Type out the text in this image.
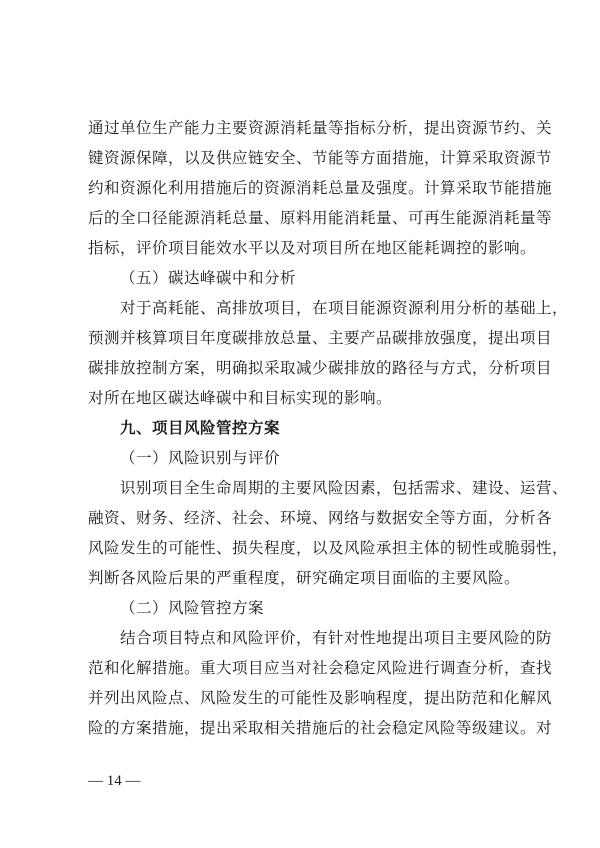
通过单位生产能力主要资源消耗量等指标分析，提出资源节约、关
键资源保障，以及供应链安全、节能等方面措施，计算采取资源节
约和资源化利用措施后的资源消耗总量及强度。计算采取节能措施
后的全口径能源消耗总量、原料用能消耗量、可再生能源消耗量等
指标，评价项目能效水平以及对项目所在地区能耗调控的影响。
（五）碳达峰碳中和分析
对于高耗能、高排放项目，在项目能源资源利用分析的基础上，
预测并核算项目年度碳排放总量、主要产品碳排放强度，提出项目
碳排放控制方案，明确拟采取减少碳排放的路径与方式，分析项目
对所在地区碳达峰碳中和目标实现的影响。
九、项目风险管控方案
（一）风险识别与评价
识别项目全生命周期的主要风险因素，包括需求、建设、运营、
融资、财务、经济、社会、环境、网络与数据安全等方面，分析各
风险发生的可能性、损失程度，以及风险承担主体的韧性或脆弱性，
判断各风险后果的严重程度，研究确定项目面临的主要风险。
（二）风险管控方案
结合项目特点和风险评价，有针对性地提出项目主要风险的防
范和化解措施。重大项目应当对社会稳定风险进行调查分析，查找
并列出风险点、风险发生的可能性及影响程度，提出防范和化解风
险的方案措施，提出采取相关措施后的社会稳定风险等级建议。对
— 14 —
